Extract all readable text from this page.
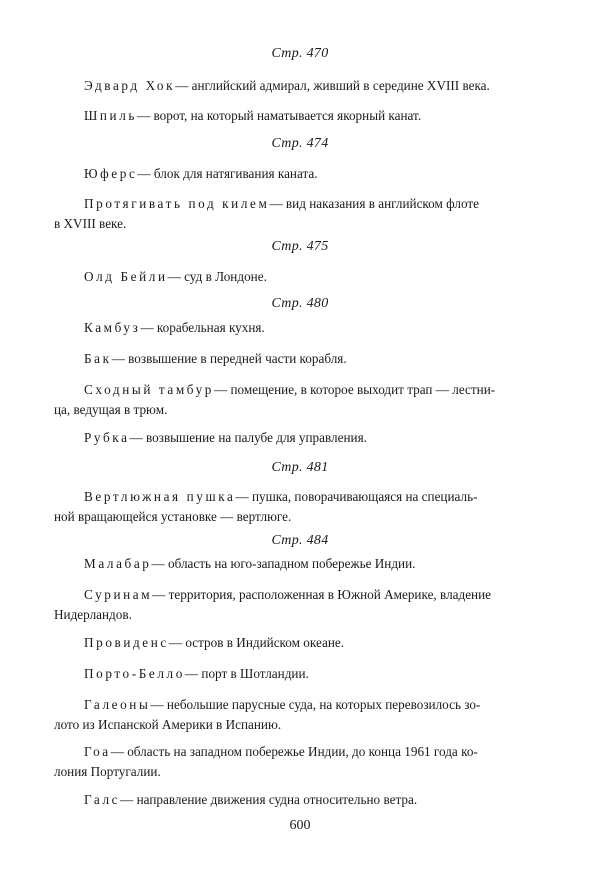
Стр. 470
Эдвард Хок— английский адмирал, живший в середине XVIII века.
Шпиль— ворот, на который наматывается якорный канат.
Стр. 474
Юферс— блок для натягивания каната.
Протягивать под килем— вид наказания в английском флоте
в XVIII веке.
Стр. 475
Олд Бейли— суд в Лондоне.
Стр. 480
Камбуз— корабельная кухня.
Бак— возвышение в передней части корабля.
Сходный тамбур— помещение, в которое выходит трап — лестни-
ца, ведущая в трюм.
Рубка— возвышение на палубе для управления.
Стр. 481
Вертлюжная пушка— пушка, поворачивающаяся на специаль-
ной вращающейся установке — вертлюге.
Стр. 484
Малабар— область на юго-западном побережье Индии.
Суринам— территория, расположенная в Южной Америке, владение
Нидерландов.
Провиденс— остров в Индийском океане.
Порто-Белло— порт в Шотландии.
Галеоны— небольшие парусные суда, на которых перевозилось зо-
лото из Испанской Америки в Испанию.
Гоа— область на западном побережье Индии, до конца 1961 года ко-
лония Португалии.
Галс— направление движения судна относительно ветра.
600
